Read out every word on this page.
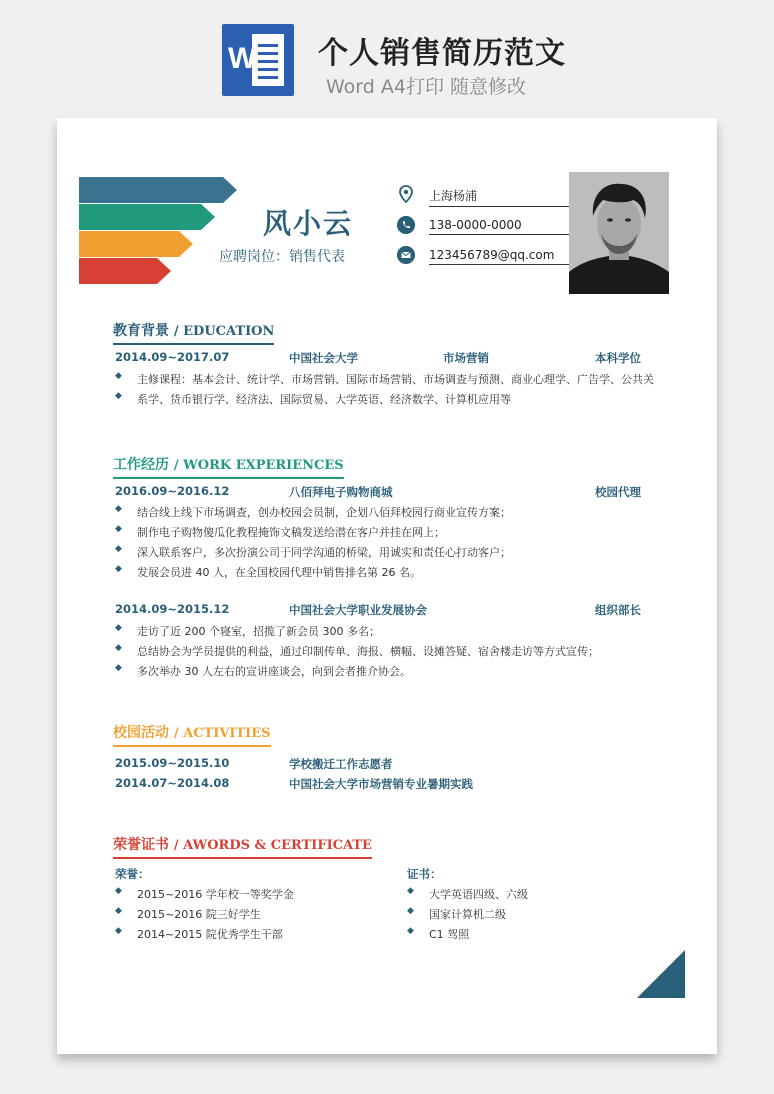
W 个人销售简历范文
Word A4打印 随意修改
风小云
应聘岗位：销售代表
上海杨浦
138-0000-0000
123456789@qq.com
教育背景 / EDUCATION
2014.09~2017.07	中国社会大学	市场营销	本科学位
主修课程：基本会计、统计学、市场营销、国际市场营销、市场调查与预测、商业心理学、广告学、公共关
系学、货币银行学、经济法、国际贸易、大学英语、经济数学、计算机应用等
工作经历 / WORK EXPERIENCES
2016.09~2016.12	八佰拜电子购物商城	校园代理
结合线上线下市场调查，创办校园会员制，企划八佰拜校园行商业宣传方案；
制作电子购物傻瓜化教程掩饰文稿发送给潜在客户并挂在网上；
深入联系客户，多次扮演公司于同学沟通的桥梁，用诚实和责任心打动客户；
发展会员进 40 人，在全国校园代理中销售排名第 26 名。
2014.09~2015.12	中国社会大学职业发展协会	组织部长
走访了近 200 个寝室，招揽了新会员 300 多名；
总结协会为学员提供的利益，通过印制传单、海报、横幅、设摊答疑、宿舍楼走访等方式宣传；
多次举办 30 人左右的宣讲座谈会，向到会者推介协会。
校园活动 / ACTIVITIES
2015.09~2015.10	学校搬迁工作志愿者
2014.07~2014.08	中国社会大学市场营销专业暑期实践
荣誉证书 / AWORDS & CERTIFICATE
荣誉：
2015~2016 学年校一等奖学金
2015~2016 院三好学生
2014~2015 院优秀学生干部
证书：
大学英语四级、六级
国家计算机二级
C1 驾照
